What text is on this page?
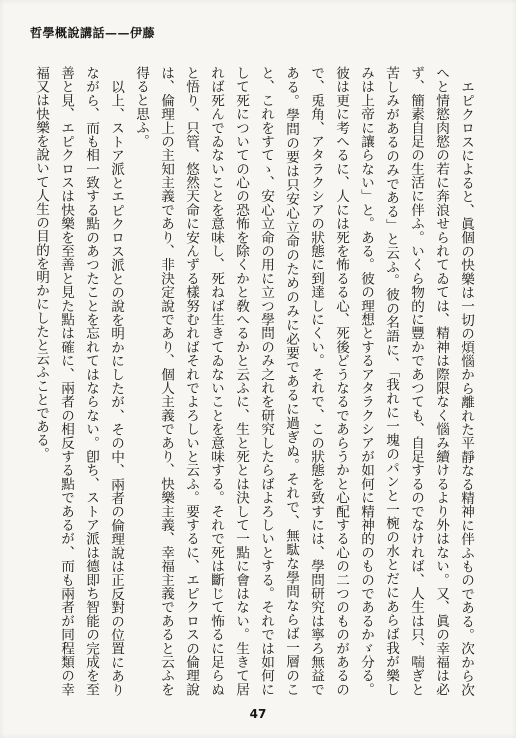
哲學概說講話——伊藤

エピクロスによると、眞個の快樂は一切の煩惱から離れた平靜なる精神に伴ふものである。次から次へと情慾肉慾の若に奔浪せられてゐては、精神は際限なく惱み續けるより外はない。又、眞の幸福は必ず、簡素自足の生活に伴ふ。いくら物的に豐かであつても、自足するのでなければ、人生は只、喘ぎと苦しみがあるのみである」と云ふ。彼の名語に、「我れに一塊のパンと一椀の水とだにあらば我が樂しみは上帝に讓らない」と。ある。彼の理想とするアタラクシアが如何に精神的のものであるかゞ分る。彼は更に考へるに、人には死を怖るる心、死後どうなるであらうかと心配する心の二つのものがあるので、兎角、アタラクシアの狀態に到達しにくい。それで、この狀態を致すには、學問研究は寧ろ無益である。學問の要は只安心立命のためのみに必要であるに過ぎぬ。それで、無駄な學問ならば一層のこと、これをすてゝ、安心立命の用に立つ學問のみ之れを研究したらばよろしいとする。それでは如何にして死についての心の恐怖を除くかと敎へるかと云ふに、生と死とは決して一點に會はない。生きて居れば死んでゐないことを意味し、死ねば生きてゐないことを意味する。それで死は斷じて怖るに足らぬと悟り、只管、悠然天命に安んずる樣努むればそれでよろしいと云ふ。要するに、エピクロスの倫理說は、倫理上の主知主義であり、非決定說であり、個人主義であり、快樂主義、幸福主義であると云ふを得ると思ふ。

以上、ストア派とエピクロス派との說を明かにしたが、その中、兩者の倫理說は正反對の位置にありながら、而も相一致する點のあつたことを忘れてはならない。卽ち、ストア派は德即ち智能の完成を至善と見、エピクロスは快樂を至善と見た點は確に、兩者の相反する點であるが、而も兩者が同程類の幸福又は快樂を說いて人生の目的を明かにしたと云ふことである。

47
